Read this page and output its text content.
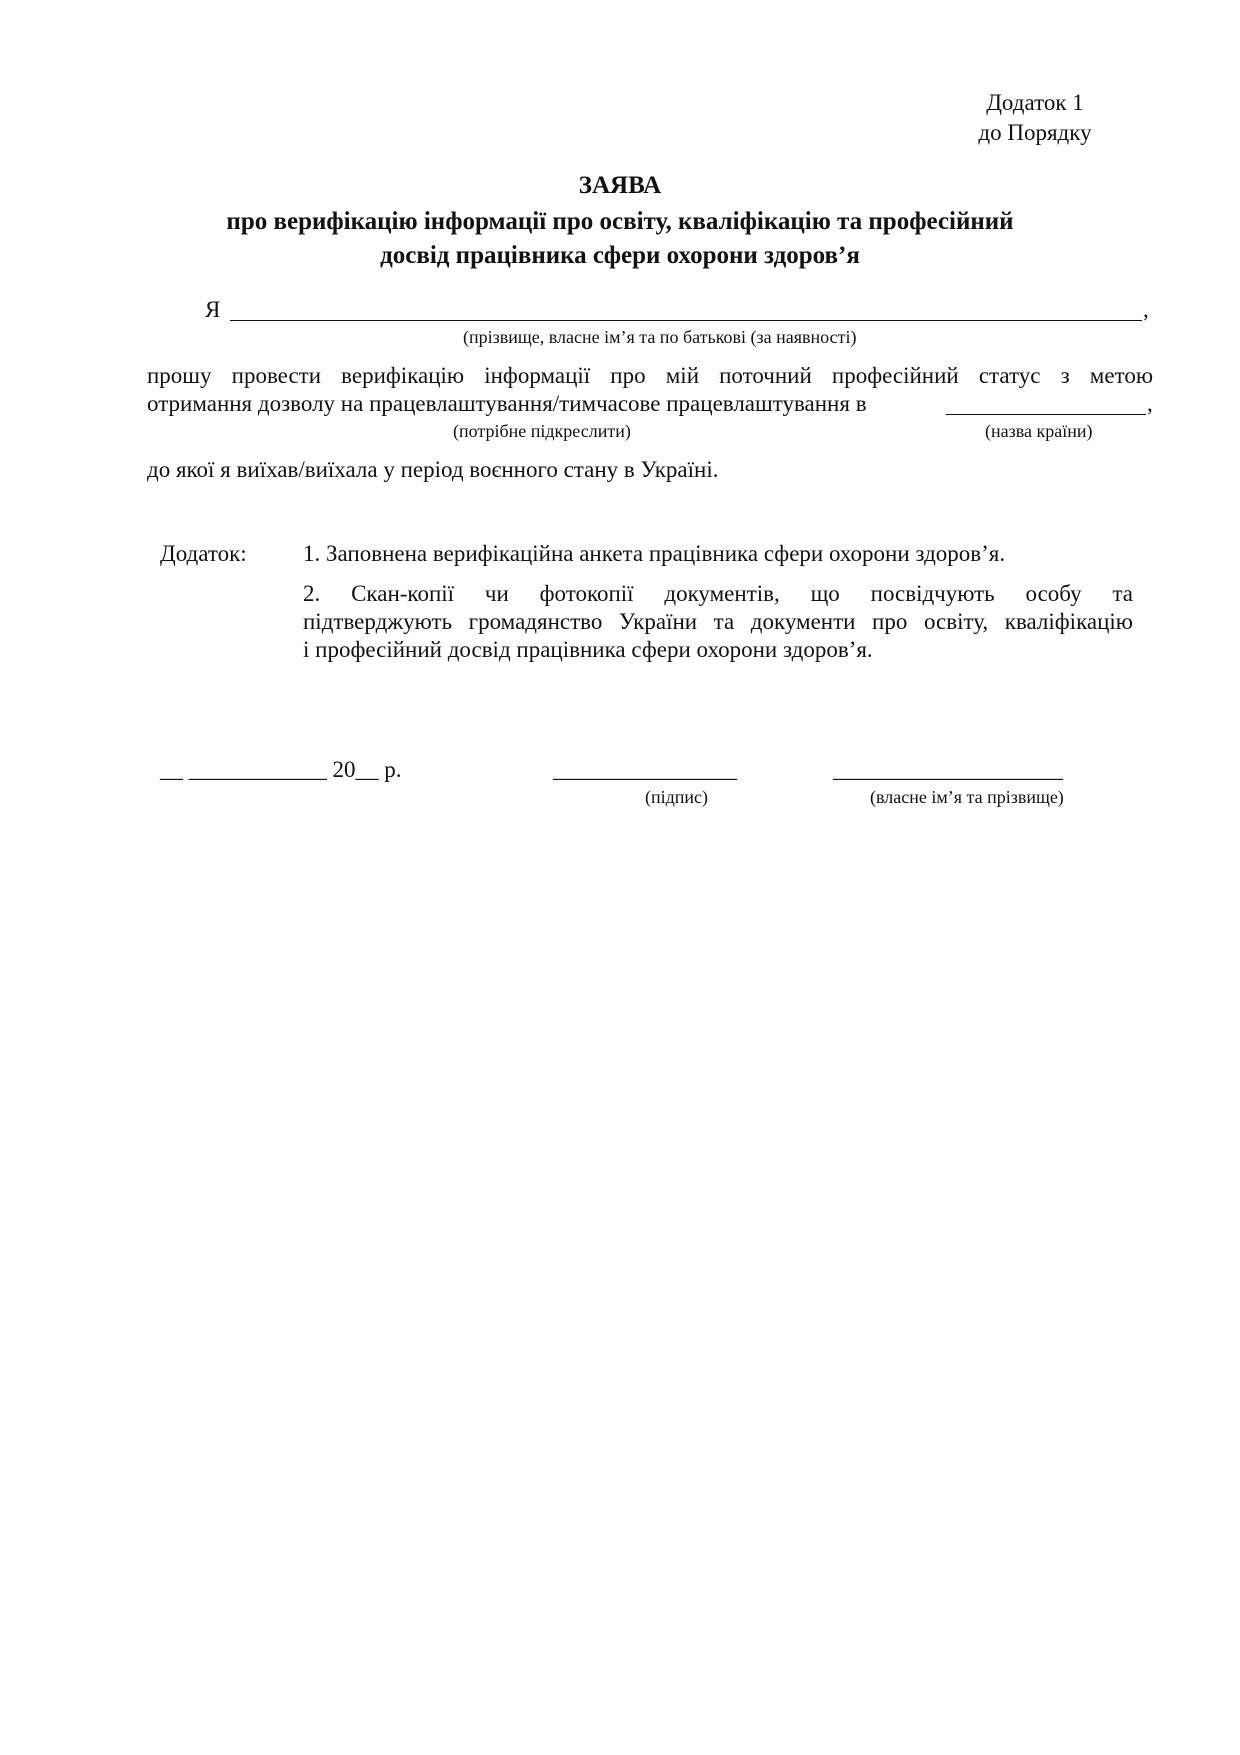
Додаток 1
до Порядку
ЗАЯВА
про верифікацію інформації про освіту, кваліфікацію та професійний
досвід працівника сфери охорони здоров’я
Я	,
(прізвище, власне ім’я та по батькові (за наявності)
прошу провести верифікацію інформації про мій поточний професійний статус з метою
отримання дозволу на працевлаштування/тимчасове працевлаштування в	,
(потрібне підкреслити)	(назва країни)
до якої я виїхав/виїхала у період воєнного стану в Україні.
Додаток: 1. Заповнена верифікаційна анкета працівника сфери охорони здоров’я.
2. Скан-копії чи фотокопії документів, що посвідчують особу та
підтверджують громадянство України та документи про освіту, кваліфікацію
і професійний досвід працівника сфери охорони здоров’я.
__ ____________ 20__ р.	________________	____________________
(підпис)	(власне ім’я та прізвище)
